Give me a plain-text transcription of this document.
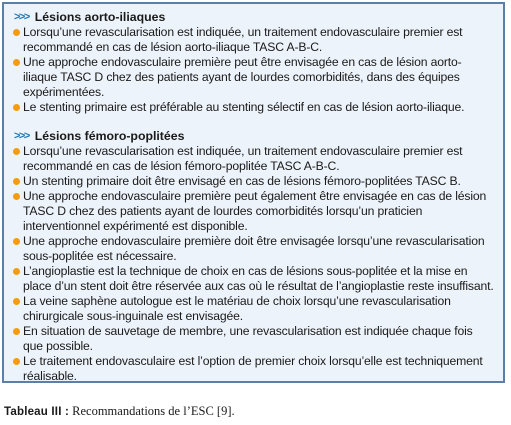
>>> Lésions aorto-iliaques
Lorsqu’une revascularisation est indiquée, un traitement endovasculaire premier est recommandé en cas de lésion aorto-iliaque TASC A-B-C.
Une approche endovasculaire première peut être envisagée en cas de lésion aorto-iliaque TASC D chez des patients ayant de lourdes comorbidités, dans des équipes expérimentées.
Le stenting primaire est préférable au stenting sélectif en cas de lésion aorto-iliaque.
>>> Lésions fémoro-poplitées
Lorsqu’une revascularisation est indiquée, un traitement endovasculaire premier est recommandé en cas de lésion fémoro-poplitée TASC A-B-C.
Un stenting primaire doit être envisagé en cas de lésions fémoro-poplitées TASC B.
Une approche endovasculaire première peut également être envisagée en cas de lésion TASC D chez des patients ayant de lourdes comorbidités lorsqu’un praticien interventionnel expérimenté est disponible.
Une approche endovasculaire première doit être envisagée lorsqu’une revascularisation sous-poplitée est nécessaire.
L’angioplastie est la technique de choix en cas de lésions sous-poplitée et la mise en place d’un stent doit être réservée aux cas où le résultat de l’angioplastie reste insuffisant.
La veine saphène autologue est le matériau de choix lorsqu’une revascularisation chirurgicale sous-inguinale est envisagée.
En situation de sauvetage de membre, une revascularisation est indiquée chaque fois que possible.
Le traitement endovasculaire est l’option de premier choix lorsqu’elle est techniquement réalisable.
Tableau III : Recommandations de l’ESC [9].
